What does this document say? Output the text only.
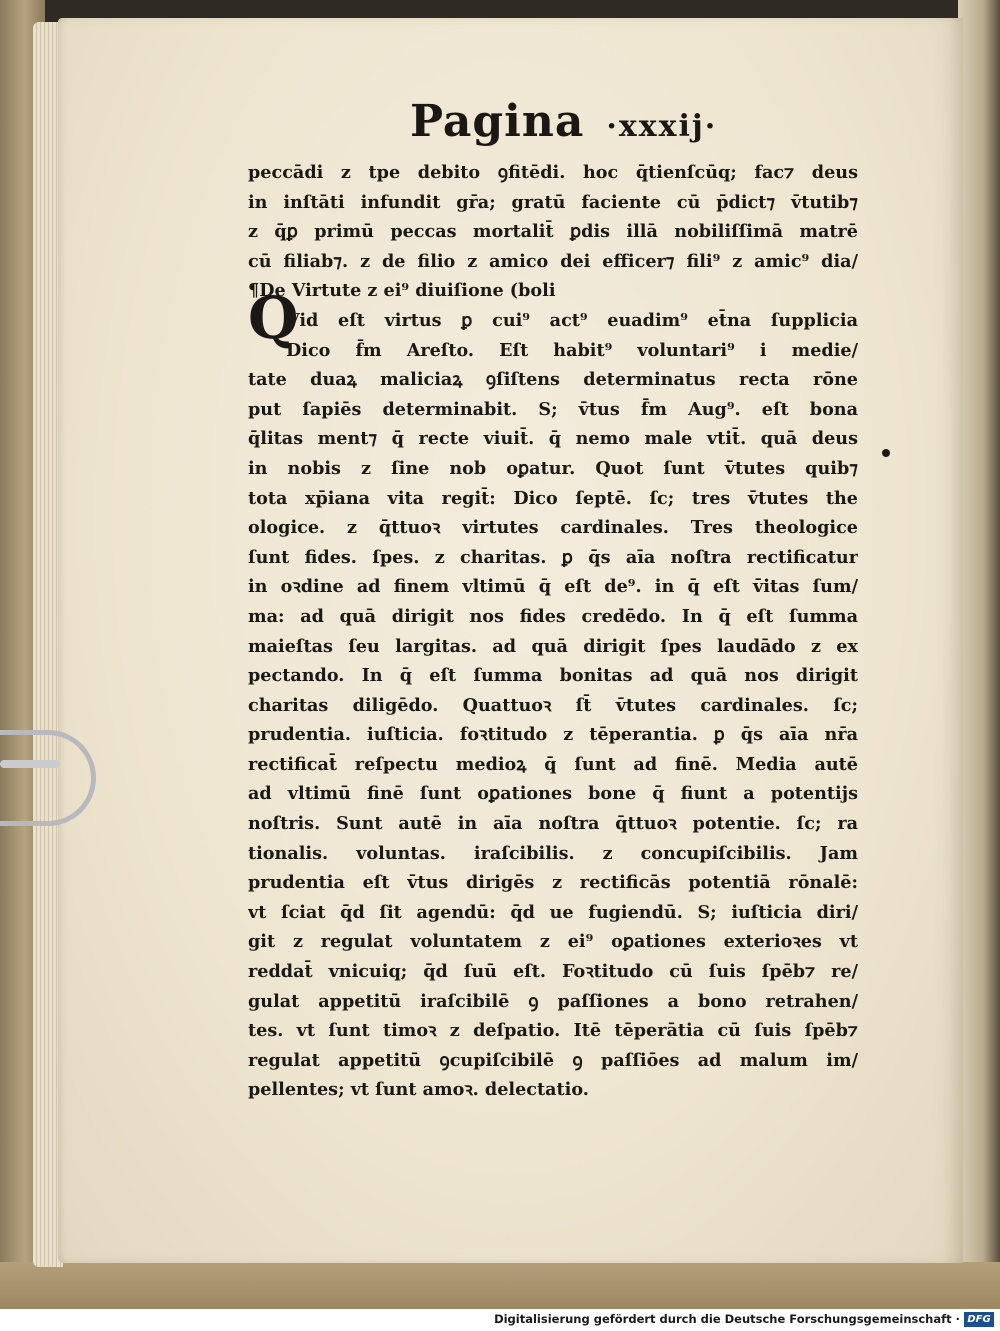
Pagina ·xxxij·
peccādi z tpe debito ꝯfitēdi. hoc q̄tienſcūq; fac⁊ deus
in inſtāti infundit gr̄a; gratū faciente cū p̄dict⁊ v̄tutib⁊
z q̄ꝑ primū peccas mortalit̄ ꝑdis illā nobiliſſimā matrē
cū filiab⁊. z de filio z amico dei efficer⁊ fili⁹ z amic⁹ dia/
¶De Virtute z ei⁹ diuiſione (boli
Vid eſt virtus ꝑ cui⁹ act⁹ euadim⁹ et̄na ſupplicia
Dico f̄m Areſto. Eſt habit⁹ voluntari⁹ i medie/
tate duaꝝ maliciaꝝ ꝯſiſtens determinatus recta rōne
put ſapiēs determinabit. S; v̄tus f̄m Aug⁹. eſt bona
q̄litas ment⁊ q̄ recte viuit̄. q̄ nemo male vtit̄. quā deus
in nobis z ſine nob oꝑatur. Quot ſunt v̄tutes quib⁊
tota xp̄iana vita regit̄: Dico ſeptē. ſc; tres v̄tutes the
ologice. z q̄ttuoꝛ virtutes cardinales. Tres theologice
ſunt fides. ſpes. z charitas. ꝑ q̄s aīa noſtra rectificatur
in oꝛdine ad finem vltimū q̄ eſt de⁹. in q̄ eſt v̄itas ſum/
ma: ad quā dirigit nos fides credēdo. In q̄ eſt ſumma
maieſtas ſeu largitas. ad quā dirigit ſpes laudādo z ex
pectando. In q̄ eſt ſumma bonitas ad quā nos dirigit
charitas diligēdo. Quattuoꝛ ſt̄ v̄tutes cardinales. ſc;
prudentia. iuſticia. foꝛtitudo z tēperantia. ꝑ q̄s aīa nr̄a
rectificat̄ reſpectu medioꝝ q̄ ſunt ad finē. Media autē
ad vltimū finē ſunt oꝑationes bone q̄ fiunt a potentijs
noſtris. Sunt autē in aīa noſtra q̄ttuoꝛ potentie. ſc; ra
tionalis. voluntas. iraſcibilis. z concupiſcibilis. Jam
prudentia eſt v̄tus dirigēs z rectificās potentiā rōnalē:
vt ſciat q̄d ſit agendū: q̄d ue fugiendū. S; iuſticia diri/
git z regulat voluntatem z ei⁹ oꝑationes exterioꝛes vt
reddat̄ vnicuiq; q̄d ſuū eſt. Foꝛtitudo cū ſuis ſpēb⁊ re/
gulat appetitū iraſcibilē ꝯ paſſiones a bono retrahen/
tes. vt ſunt timoꝛ z deſpatio. Itē tēperātia cū ſuis ſpēb⁊
regulat appetitū ꝯcupiſcibilē ꝯ paſſiōes ad malum im/
pellentes; vt ſunt amoꝛ. delectatio.
Q
Digitalisierung gefördert durch die Deutsche Forschungsgemeinschaft · DFG
